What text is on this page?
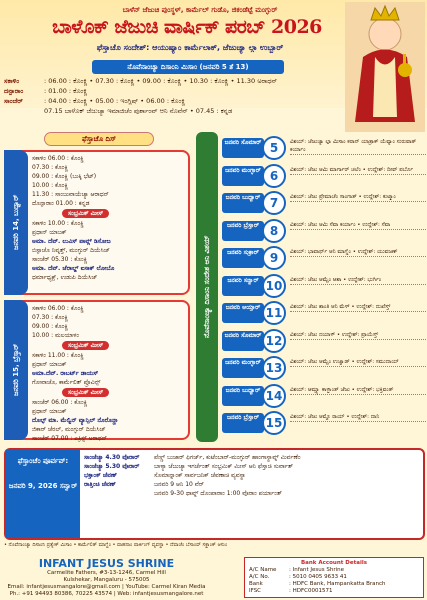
ಬಾಳೆನ್ ಜೆಜುಚಿ ಪುಂಸ್ಥಳ್, ಕಾರ್ಮೆಲ್ ಗುಡೊ, ಜಿಕಂಡೆಟ್ಟೆ ಮಂಗ್ಳುರ್
ಬಾಳೊಕ್ ಜೆಜುಚಿ ವಾರ್ಷಿಕ್ ಪರಬ್ 2026
ಫೆಸ್ತಾಚೊ ಸಂದೇಶ್: ಆಯುಷ್ಯಾಂ ಕಾರ್ಮೆಲಾಕ್, ಜೆಜುಚ್ಯಾ ಲ್ಗಾ ಉಬ್ಬಾರ್
ನೊವೆನಾಂಚ್ಯಾ ದಿಸಾಂನಿ ಮಿಸಾಂ (ಜನವರಿ 5 ತೆ 13)
ಸಕಾಳಿಂ	: 06.00 : ಕೊಂಕ್ಣಿ • 07.30 : ಕೊಂಕ್ಣಿ • 09.00 : ಕೊಂಕ್ಣಿ • 10.30 : ಕೊಂಕ್ಣಿ • 11.30 ಅರಾಧನ್
ದನ್ಪಾರಾಂ	: 01.00 : ಕೊಂಕ್ಣಿ
ಸಾಂಜೆರ್	: 04.00 : ಕೊಂಕ್ಣಿ • 05.00 : ಇಂಗ್ಲಿಷ್ • 06.00 : ಕೊಂಕ್ಣಿ
07.15 ಬಾಳೊಕ್ ಜೆಜುಚ್ಯಾ ಇಮಾಜಿಚೆಂ ಪುರ್ಶಾಂವ್ ಆನಿ ನೊವೆನ್ • 07.45 : ಕನ್ನಡ
ಫೆಸ್ತಾಚೊ ದಿಸ್
ಜನವರಿ 14, ಬುಧ್ವಾರ್
ಸಕಾಳಿಂ 06.00 : ಕೊಂಕ್ಣಿ
07.30 : ಕೊಂಕ್ಣಿ
09.00 : ಕೊಂಕ್ಣಿ (ಬುಕ್ಕಿ ಭೆಟ್)
10.00 : ಕೊಂಕ್ಣಿ
11.30 : ಸಾಂಜುವಾಯೆಚ್ಯಾ ಆರಾಧನ್
ದೊನ್ಪಾರಾಂ 01.00 : ಕನ್ನಡ
ಸಂಭ್ರಮಿಕ್ ಮೀಸ್
ಸಕಾಳಿಂ 10.00 : ಕೊಂಕ್ಣಿ
ಪ್ರಧಾನ್ ಯಾಜಕ್
ಅಮಾ. ದೆವ್. ಲುವಿಸ್ ಪಾವ್ಲ್ ಡಿಸೋಜ
ಬಿಸ್ಪಾಚೊ ನಿವೃತ್ತ್, ಮಂಗ್ಳುರ್ ದಿಯೆಸಿಜ್
ಸಾಂಜೆರ್ 05.30 : ಕೊಂಕ್ಣಿ
ಅಮಾ. ದೆವ್. ಜೆರಾಲ್ಡ್ ಐಸಾಕ್ ಲೋಬೊ
ಧರ್ಮಾಧ್ಯಕ್ಷ್, ಉಡುಪಿ ದಿಯೆಸಿಜ್
ಜನವರಿ 15, ಬ್ರೆಸ್ತಾರ್
ಸಕಾಳಿಂ 06.00 : ಕೊಂಕ್ಣಿ
07.30 : ಕೊಂಕ್ಣಿ
09.00 : ಕೊಂಕ್ಣಿ
10.00 : ಮಲಯಾಳಂ
ಸಂಭ್ರಮಿಕ್ ಮೀಸ್
ಸಕಾಳಿಂ 11.00 : ಕೊಂಕ್ಣಿ
ಪ್ರಧಾನ್ ಯಾಜಕ್
ಅಮಾ.ದೆವ್. ರಾಬರ್ಟ್ ಡಾಯಸ್
ಗೋವಾಚೊ, ಕಾರ್ಮೆಲಿತ್ ಪ್ರೊವಿನ್ಸ್
ಸಂಭ್ರಮಿಕ್ ಮೀಸ್
ಸಾಂಜೆರ್ 06.00 : ಕೊಂಕ್ಣಿ
ಪ್ರಧಾನ್ ಯಾಜಕ್
ದೊಲ್ಫ್ ಮಾ. ಮೆಲ್ವಿನ್ ವ್ಯಾನ್ಸಿಲ್ ನೊರೊನ್ಹಾ
ಜಿಕಾರ್ ಜೆರಲ್, ಮಂಗ್ಳುರ್ ದಿಯೆಸಿಜ್
ಸಾಂಜೆರ್ 07.00 : ಎಕ್ರಿಸ್ಟ್ ಅರಾಧನ್
ನೊವೆನಾಂಚ್ಯಾ ದಿಸಾಂನಿ ಸಂದೇಶ ಆನಿ ವಿಶಯ್
ಜನವರಿ ಸೊಮಾರ್ 5	ವಿಶಯ್: ಜೆಜುಚ್ಯಾ ಲ್ಗಾ ಮಿಸಾಂ ಕರಾನ್ ಯಾತ್ರಾಕ್ ಯೆವ್ಯಾಂ ಸುರುವಾತ್ ಕರ್ಯಾಂ
ಜನವರಿ ಮಂಗ್ಳಾರ್ 6	ವಿಶಯ್: ಜೆಜು ಆಮಿ ಮಾರ್ಗಾರ್ ಚಲೆಂ • ಉದ್ದೇಶ್: ದೀವ್ ಪರ್ಬೊ
ಜನವರಿ ಬುಧ್ವಾರ್ 7	ವಿಶಯ್: ಜೆಜು ಪ್ರೇಮಾಚೆಂ ಸಾಂಗಾತ್ • ಉದ್ದೇಶ್: ಕುಟ್ಮಾಂ
ಜನವರಿ ಬ್ರೆಸ್ತಾರ್ 8	ವಿಶಯ್: ಜೆಜು ಆಮಿ ಸೆವಾ ಕರ್ಯಾಂ • ಉದ್ದೇಶ್: ಸೆವಾ
ಜನವರಿ ಸುಕ್ರಾರ್ 9	ವಿಶಯ್: ಭಾವಾರ್ಥ್ ಆನಿ ಮಾಗ್ಣೆಂ • ಉದ್ದೇಶ್: ಯುವಜಣ್
ಜನವರಿ ಸನ್ವಾರ್ 10	ವಿಶಯ್: ಜೆಜು ಆಮ್ಚೆಂ ಆಶಾ • ಉದ್ದೇಶ್: ಭುರ್ಗಿಂ
ಜನವರಿ ಆಯ್ತಾರ್ 11	ವಿಶಯ್: ಜೆಜು ಶಾಂತಿ ಆನಿ ಮೆಳ್ • ಉದ್ದೇಶ್: ದುಖೆಸ್ತ್
ಜನವರಿ ಸೊಮಾರ್ 12	ವಿಶಯ್: ಜೆಜು ದಯಾಳ್ • ಉದ್ದೇಶ್: ಪ್ರಾಯೆಸ್ತ್
ಜನವರಿ ಮಂಗ್ಳಾರ್ 13	ವಿಶಯ್: ಜೆಜು ಆಮ್ಚೆಂ ಉಜ್ವಾಡ್ • ಉದ್ದೇಶ್: ಸಮುದಾಯ್
ಜನವರಿ ಬುಧ್ವಾರ್ 14	ವಿಶಯ್: ಆಮ್ಚ್ಯಾ ಕಾಳ್ಜಾಂತ್ ಜೆಜು • ಉದ್ದೇಶ್: ಭಕ್ತಿವಂತ್
ಜನವರಿ ಬ್ರೆಸ್ತಾರ್ 15	ವಿಶಯ್: ಜೆಜು ಆಮ್ಚೊ ರಾಯ್ • ಉದ್ದೇಶ್: ದಾನಿ
ಫೆಸ್ತಾಂಚೆಂ ಪೂರ್ವವ್:
ಜನವರಿ 9, 2026 ಸನ್ವಾರ್
ಸಾಂಜೆಚ್ಯಾ 4.30 ವೊರಾರ್	ಪೆಣ್ಣ್ ಬುಜಾರ್ ಫಿಗರ್ಜ್, ಕುಟೆಂಬಾರ್-ಮಂಗ್ಳುರ್ ಹಾಂಗಾಸ್ಥಾವ್ನ್ ಮಿರ್ವಣೆಂ
ಸಾಂಜೆಚ್ಯಾ 5.30 ವೊರಾರ್	ಬಾಳ್ಯಾ ಜೆಜುಚ್ಯಾ ಇಗರ್ಜೆಂತ್ ಸಂಭ್ರಮಿಕ್ ಮೀಸ್ ಆನಿ ಫೆಸ್ತಾಚಿ ಸುರ್ವಾತ್
ಭಕ್ತಾಂಕ್ ಜೆವಣ್	ಸೊಮಾನ್ನಾಂಕ್ ಸಾರ್ವಜನಿಕ್ ಜೆವಣಾಚಿ ವ್ಯವಸ್ಥಾ
ರಾತ್ತಿಂಚಿ ಜೆವಣ್	ಜನವರಿ 9 ಆನಿ 10 ವೆರ್
ಜನವರಿ 9-30 ಥಾವ್ನ್ ದೊಂಪಾರಾಂ 1:00 ವೊರಾಂ ಪರ್ಯಾಂತ್
• ನೊವೆನಾಂಚ್ಯಾ ದಿಸಾಂನಿ ಪ್ರತ್ಯೇಕ್ ಮಿಸಾಂ • ಕಾರ್ಮೆಲಿತ್ ಮಾಗ್ಣೆಂ • ವಾಹನಾಂ ಪಾರ್ಕಿಂಗ್ ವ್ಯವಸ್ಥಾ • ದೆವಾಚೆಂ ಬೆಸಾಂವ್ ಸಕ್ಡಾಂಕ್ ಆಸುಂ
INFANT JESUS SHRINE
Carmelite Fathers, #3-13-1246, Carmel Hill
Kulshekar, Mangaluru - 575005
Email: infantjesusmangalore@gmail.com | YouTube: Carmel Kiran Media
Ph.: +91 94493 80386, 70225 43574 | Web: infantjesusmangalore.net
Bank Account Details
A/C Name	: Infant Jesus Shrine
A/C No.	: 5010 0405 9633 41
Bank	: HDFC Bank, Hampankatta Branch
IFSC	: HDFC0001571
